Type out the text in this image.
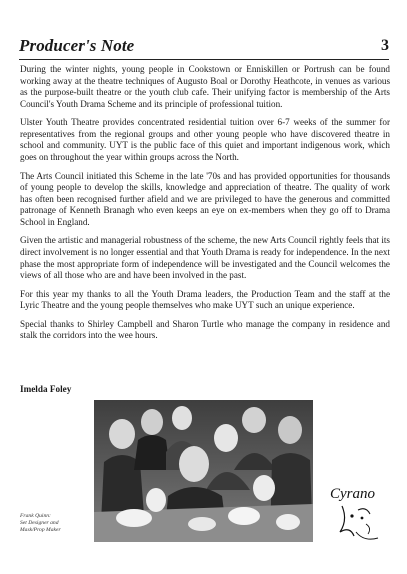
Producer's Note	3

During the winter nights, young people in Cookstown or Enniskillen or Portrush can be found working away at the theatre techniques of Augusto Boal or Dorothy Heathcote, in venues as various as the purpose-built theatre or the youth club cafe. Their unifying factor is membership of the Arts Council's Youth Drama Scheme and its principle of professional tuition.

Ulster Youth Theatre provides concentrated residential tuition over 6-7 weeks of the summer for representatives from the regional groups and other young people who have discovered theatre in school and community. UYT is the public face of this quiet and important indigenous work, which goes on throughout the year within groups across the North.

The Arts Council initiated this Scheme in the late '70s and has provided opportunities for thousands of young people to develop the skills, knowledge and appreciation of theatre. The quality of work has often been recognised further afield and we are privileged to have the generous and committed patronage of Kenneth Branagh who even keeps an eye on ex-members when they go off to Drama School in England.

Given the artistic and managerial robustness of the scheme, the new Arts Council rightly feels that its direct involvement is no longer essential and that Youth Drama is ready for independence. In the next phase the most appropriate form of independence will be investigated and the Council welcomes the views of all those who are and have been involved in the past.

For this year my thanks to all the Youth Drama leaders, the Production Team and the staff at the Lyric Theatre and the young people themselves who make UYT such an unique experience.

Special thanks to Shirley Campbell and Sharon Turtle who manage the company in residence and stalk the corridors into the wee hours.

Imelda Foley
Frank Quinn:
Set Designer and
Mask/Prop Maker
Cyrano
